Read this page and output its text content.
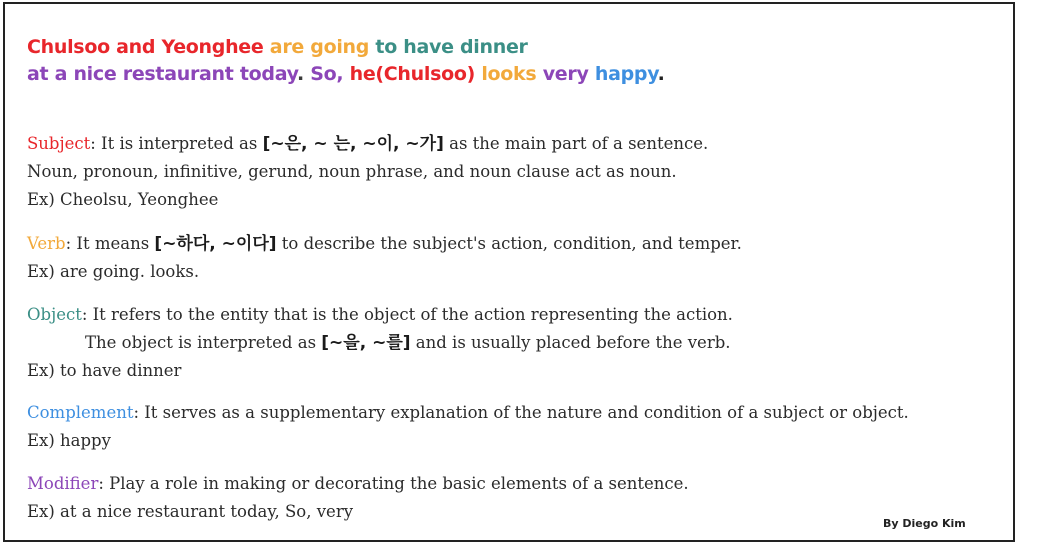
Chulsoo and Yeonghee are going to have dinner
at a nice restaurant today. So, he(Chulsoo) looks very happy.
Subject: It is interpreted as [~은, ~ 는, ~이, ~가] as the main part of a sentence.
Noun, pronoun, infinitive, gerund, noun phrase, and noun clause act as noun.
Ex) Cheolsu, Yeonghee
Verb: It means [~하다, ~이다] to describe the subject's action, condition, and temper.
Ex) are going. looks.
Object: It refers to the entity that is the object of the action representing the action.
The object is interpreted as [~을, ~를] and is usually placed before the verb.
Ex) to have dinner
Complement: It serves as a supplementary explanation of the nature and condition of a subject or object.
Ex) happy
Modifier: Play a role in making or decorating the basic elements of a sentence.
Ex) at a nice restaurant today, So, very
By Diego Kim
